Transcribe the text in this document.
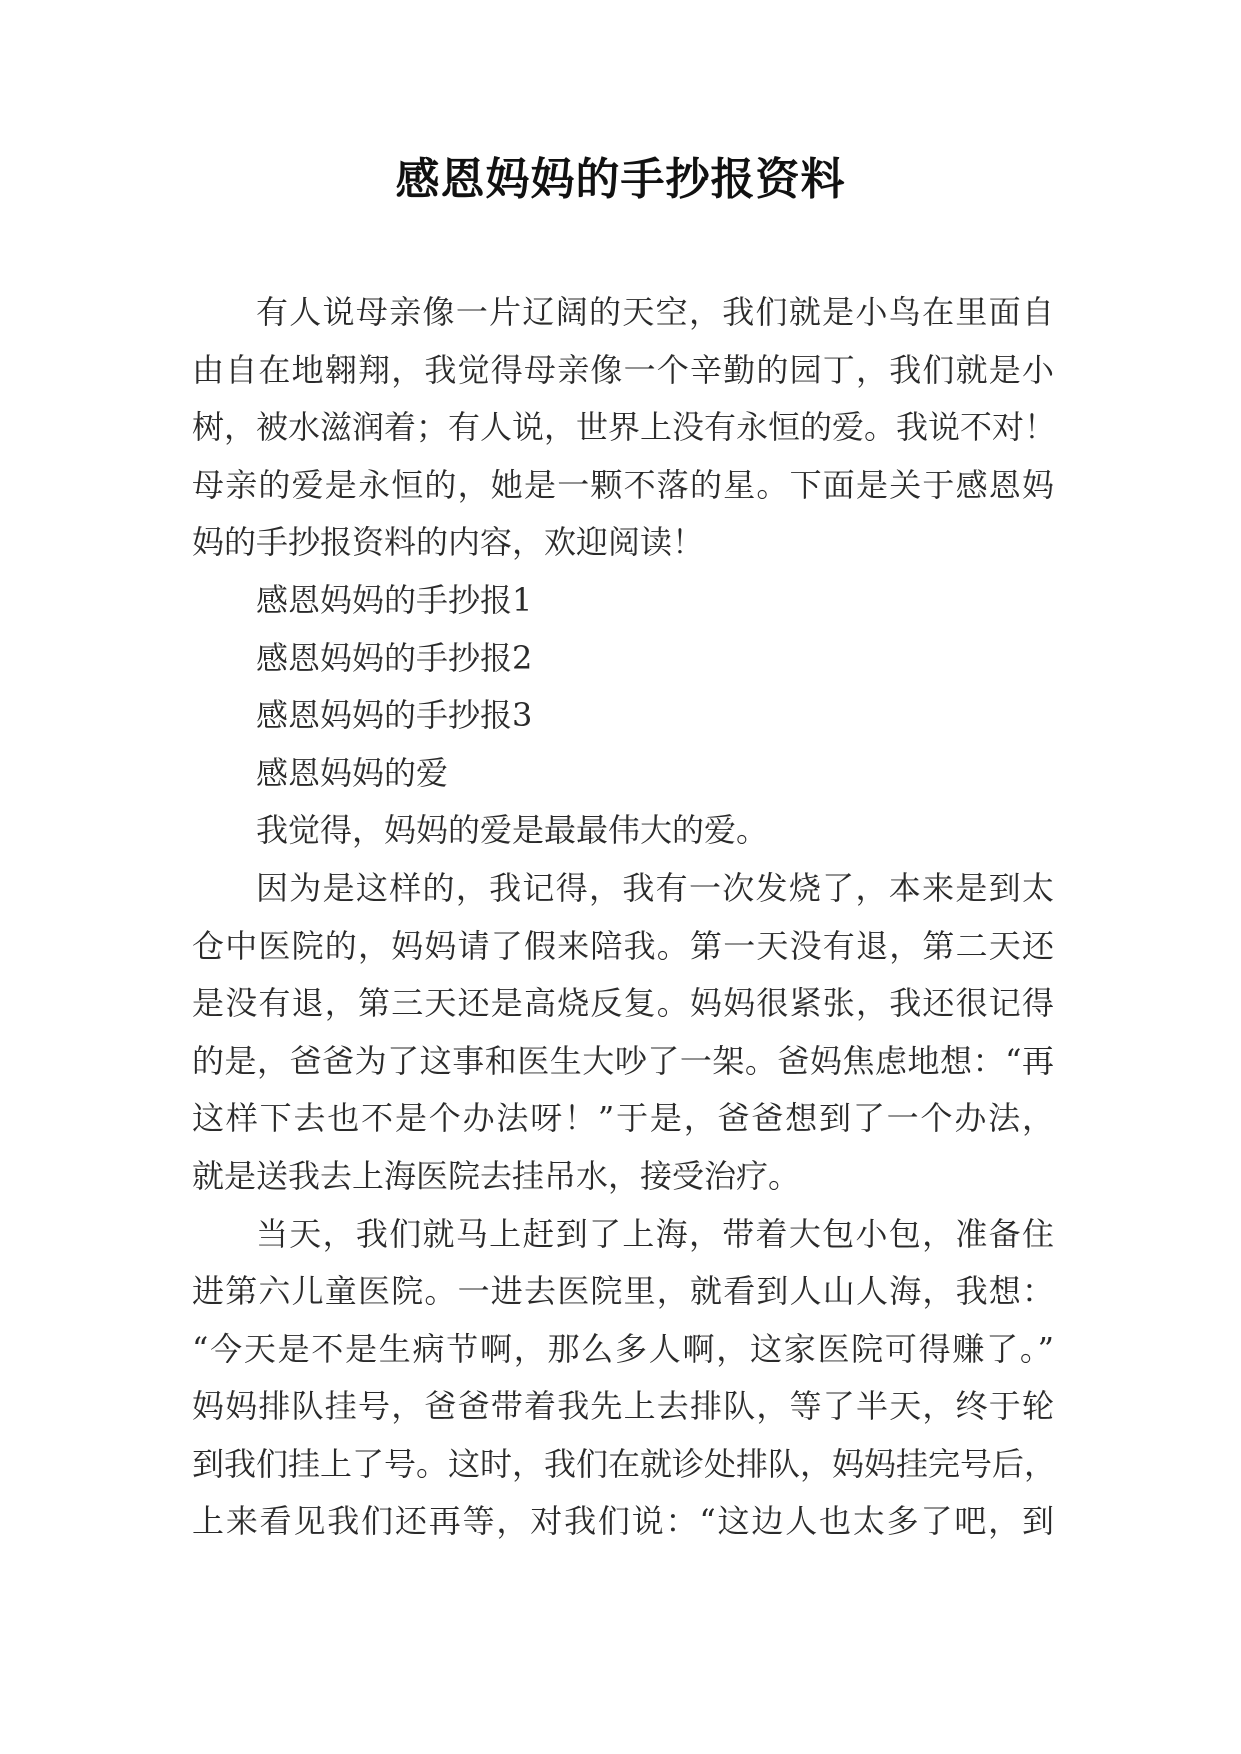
感恩妈妈的手抄报资料
有人说母亲像一片辽阔的天空，我们就是小鸟在里面自
由自在地翱翔，我觉得母亲像一个辛勤的园丁，我们就是小
树，被水滋润着；有人说，世界上没有永恒的爱。我说不对！
母亲的爱是永恒的，她是一颗不落的星。下面是关于感恩妈
妈的手抄报资料的内容，欢迎阅读！
感恩妈妈的手抄报1
感恩妈妈的手抄报2
感恩妈妈的手抄报3
感恩妈妈的爱
我觉得，妈妈的爱是最最伟大的爱。
因为是这样的，我记得，我有一次发烧了，本来是到太
仓中医院的，妈妈请了假来陪我。第一天没有退，第二天还
是没有退，第三天还是高烧反复。妈妈很紧张，我还很记得
的是，爸爸为了这事和医生大吵了一架。爸妈焦虑地想：“再
这样下去也不是个办法呀！”于是，爸爸想到了一个办法，
就是送我去上海医院去挂吊水，接受治疗。
当天，我们就马上赶到了上海，带着大包小包，准备住
进第六儿童医院。一进去医院里，就看到人山人海，我想：
“今天是不是生病节啊，那么多人啊，这家医院可得赚了。”
妈妈排队挂号，爸爸带着我先上去排队，等了半天，终于轮
到我们挂上了号。这时，我们在就诊处排队，妈妈挂完号后，
上来看见我们还再等，对我们说：“这边人也太多了吧，到
